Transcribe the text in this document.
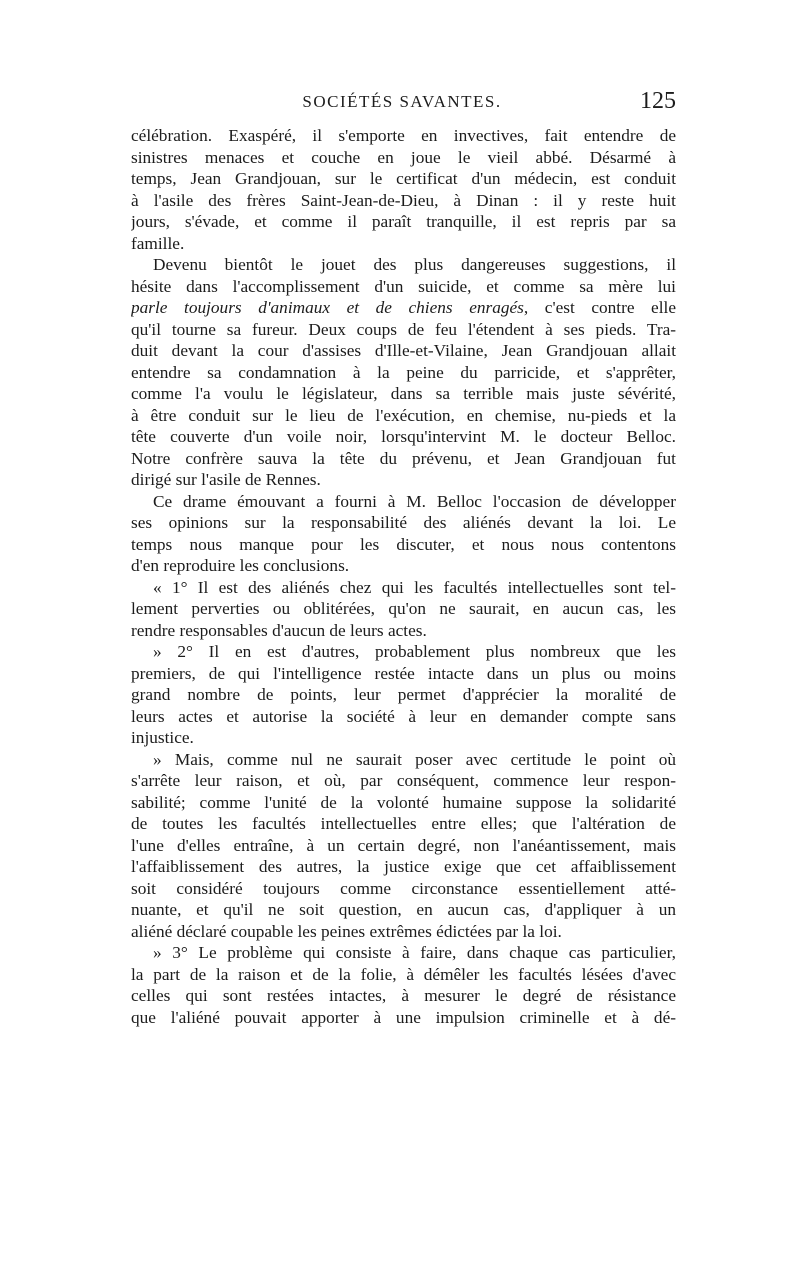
SOCIÉTÉS SAVANTES.	125
célébration. Exaspéré, il s'emporte en invectives, fait entendre de
sinistres menaces et couche en joue le vieil abbé. Désarmé à
temps, Jean Grandjouan, sur le certificat d'un médecin, est conduit
à l'asile des frères Saint-Jean-de-Dieu, à Dinan : il y reste huit
jours, s'évade, et comme il paraît tranquille, il est repris par sa
famille.
Devenu bientôt le jouet des plus dangereuses suggestions, il
hésite dans l'accomplissement d'un suicide, et comme sa mère lui
parle toujours d'animaux et de chiens enragés, c'est contre elle
qu'il tourne sa fureur. Deux coups de feu l'étendent à ses pieds. Tra-
duit devant la cour d'assises d'Ille-et-Vilaine, Jean Grandjouan allait
entendre sa condamnation à la peine du parricide, et s'apprêter,
comme l'a voulu le législateur, dans sa terrible mais juste sévérité,
à être conduit sur le lieu de l'exécution, en chemise, nu-pieds et la
tête couverte d'un voile noir, lorsqu'intervint M. le docteur Belloc.
Notre confrère sauva la tête du prévenu, et Jean Grandjouan fut
dirigé sur l'asile de Rennes.
Ce drame émouvant a fourni à M. Belloc l'occasion de développer
ses opinions sur la responsabilité des aliénés devant la loi. Le
temps nous manque pour les discuter, et nous nous contentons
d'en reproduire les conclusions.
« 1° Il est des aliénés chez qui les facultés intellectuelles sont tel-
lement perverties ou oblitérées, qu'on ne saurait, en aucun cas, les
rendre responsables d'aucun de leurs actes.
» 2° Il en est d'autres, probablement plus nombreux que les
premiers, de qui l'intelligence restée intacte dans un plus ou moins
grand nombre de points, leur permet d'apprécier la moralité de
leurs actes et autorise la société à leur en demander compte sans
injustice.
» Mais, comme nul ne saurait poser avec certitude le point où
s'arrête leur raison, et où, par conséquent, commence leur respon-
sabilité; comme l'unité de la volonté humaine suppose la solidarité
de toutes les facultés intellectuelles entre elles; que l'altération de
l'une d'elles entraîne, à un certain degré, non l'anéantissement, mais
l'affaiblissement des autres, la justice exige que cet affaiblissement
soit considéré toujours comme circonstance essentiellement atté-
nuante, et qu'il ne soit question, en aucun cas, d'appliquer à un
aliéné déclaré coupable les peines extrêmes édictées par la loi.
» 3° Le problème qui consiste à faire, dans chaque cas particulier,
la part de la raison et de la folie, à démêler les facultés lésées d'avec
celles qui sont restées intactes, à mesurer le degré de résistance
que l'aliéné pouvait apporter à une impulsion criminelle et à dé-
